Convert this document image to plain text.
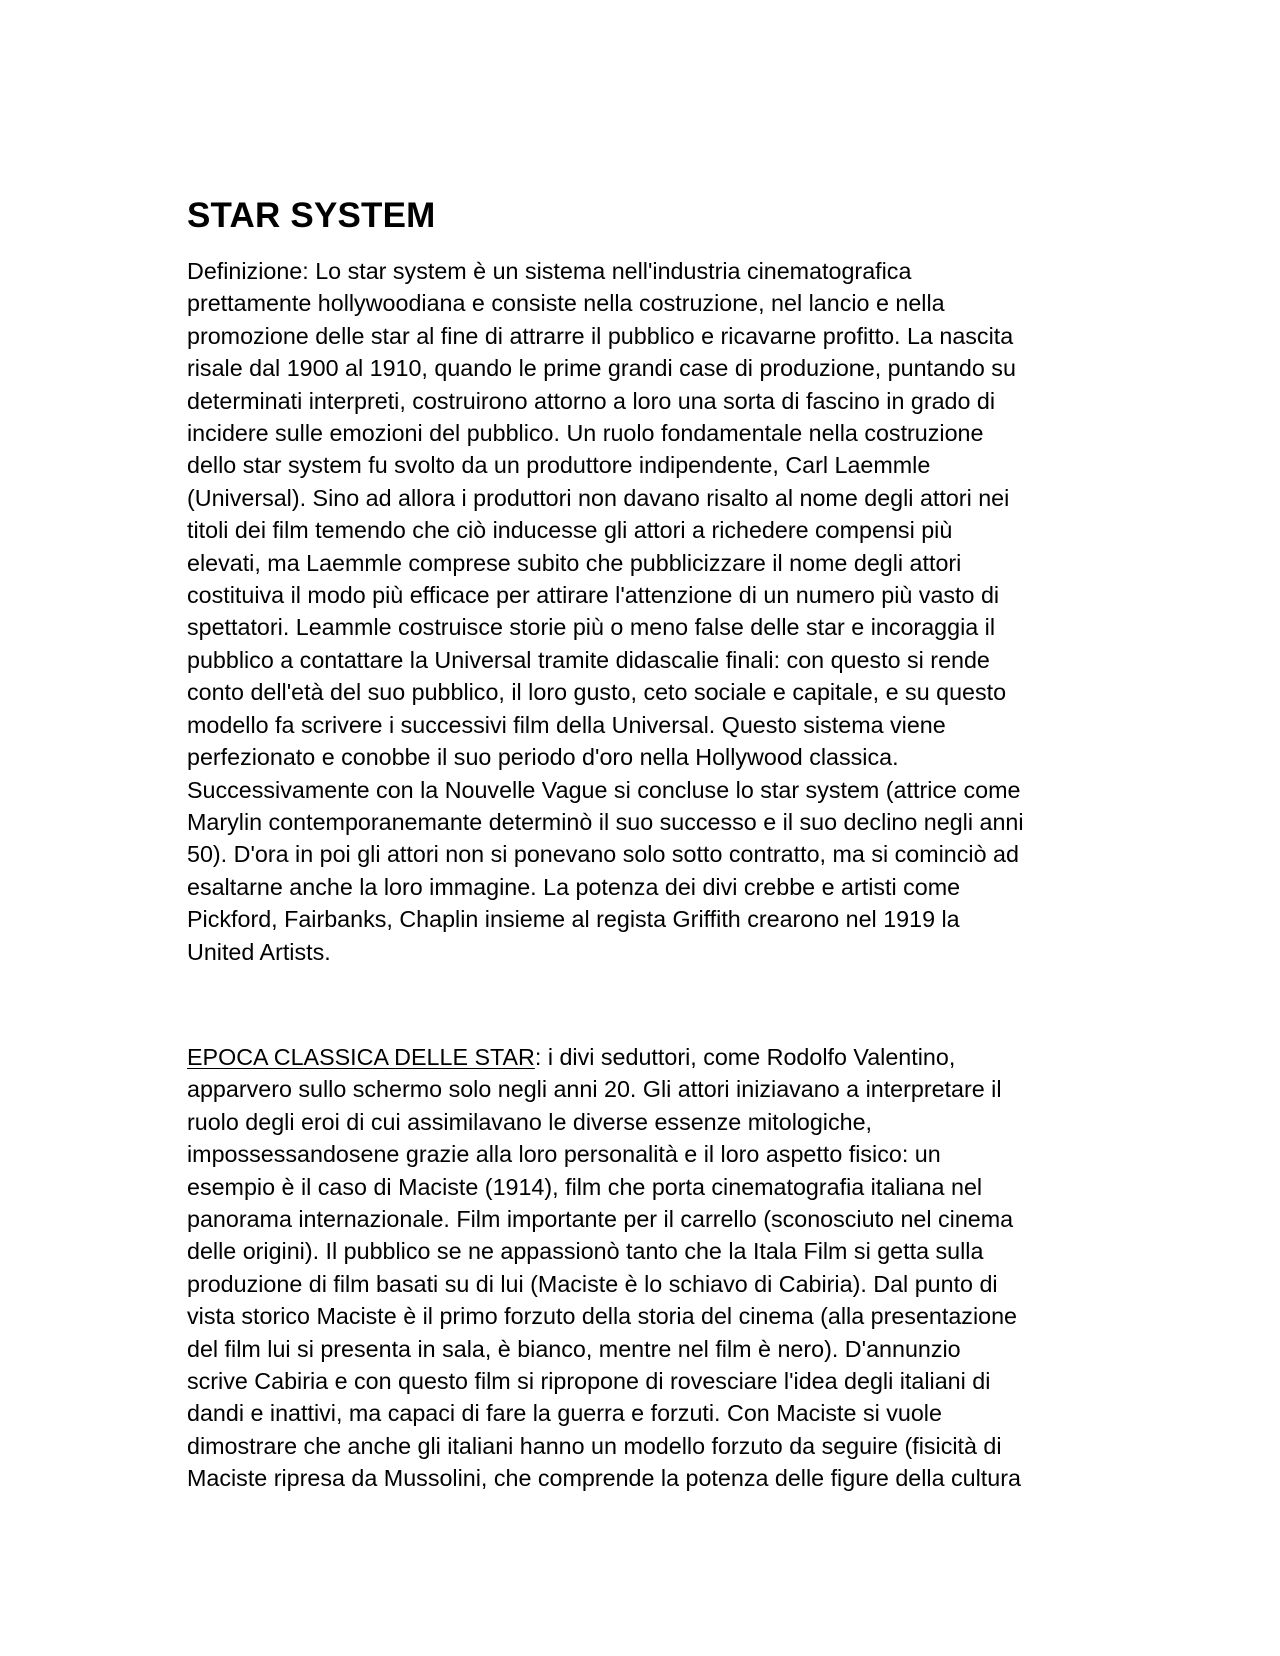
STAR SYSTEM

Definizione: Lo star system è un sistema nell'industria cinematografica
prettamente hollywoodiana e consiste nella costruzione, nel lancio e nella
promozione delle star al fine di attrarre il pubblico e ricavarne profitto. La nascita
risale dal 1900 al 1910, quando le prime grandi case di produzione, puntando su
determinati interpreti, costruirono attorno a loro una sorta di fascino in grado di
incidere sulle emozioni del pubblico. Un ruolo fondamentale nella costruzione
dello star system fu svolto da un produttore indipendente, Carl Laemmle
(Universal). Sino ad allora i produttori non davano risalto al nome degli attori nei
titoli dei film temendo che ciò inducesse gli attori a richedere compensi più
elevati, ma Laemmle comprese subito che pubblicizzare il nome degli attori
costituiva il modo più efficace per attirare l'attenzione di un numero più vasto di
spettatori. Leammle costruisce storie più o meno false delle star e incoraggia il
pubblico a contattare la Universal tramite didascalie finali: con questo si rende
conto dell'età del suo pubblico, il loro gusto, ceto sociale e capitale, e su questo
modello fa scrivere i successivi film della Universal. Questo sistema viene
perfezionato e conobbe il suo periodo d'oro nella Hollywood classica.
Successivamente con la Nouvelle Vague si concluse lo star system (attrice come
Marylin contemporanemante determinò il suo successo e il suo declino negli anni
50). D'ora in poi gli attori non si ponevano solo sotto contratto, ma si cominciò ad
esaltarne anche la loro immagine. La potenza dei divi crebbe e artisti come
Pickford, Fairbanks, Chaplin insieme al regista Griffith crearono nel 1919 la
United Artists.

EPOCA CLASSICA DELLE STAR: i divi seduttori, come Rodolfo Valentino,
apparvero sullo schermo solo negli anni 20. Gli attori iniziavano a interpretare il
ruolo degli eroi di cui assimilavano le diverse essenze mitologiche,
impossessandosene grazie alla loro personalità e il loro aspetto fisico: un
esempio è il caso di Maciste (1914), film che porta cinematografia italiana nel
panorama internazionale. Film importante per il carrello (sconosciuto nel cinema
delle origini). Il pubblico se ne appassionò tanto che la Itala Film si getta sulla
produzione di film basati su di lui (Maciste è lo schiavo di Cabiria). Dal punto di
vista storico Maciste è il primo forzuto della storia del cinema (alla presentazione
del film lui si presenta in sala, è bianco, mentre nel film è nero). D'annunzio
scrive Cabiria e con questo film si ripropone di rovesciare l'idea degli italiani di
dandi e inattivi, ma capaci di fare la guerra e forzuti. Con Maciste si vuole
dimostrare che anche gli italiani hanno un modello forzuto da seguire (fisicità di
Maciste ripresa da Mussolini, che comprende la potenza delle figure della cultura
